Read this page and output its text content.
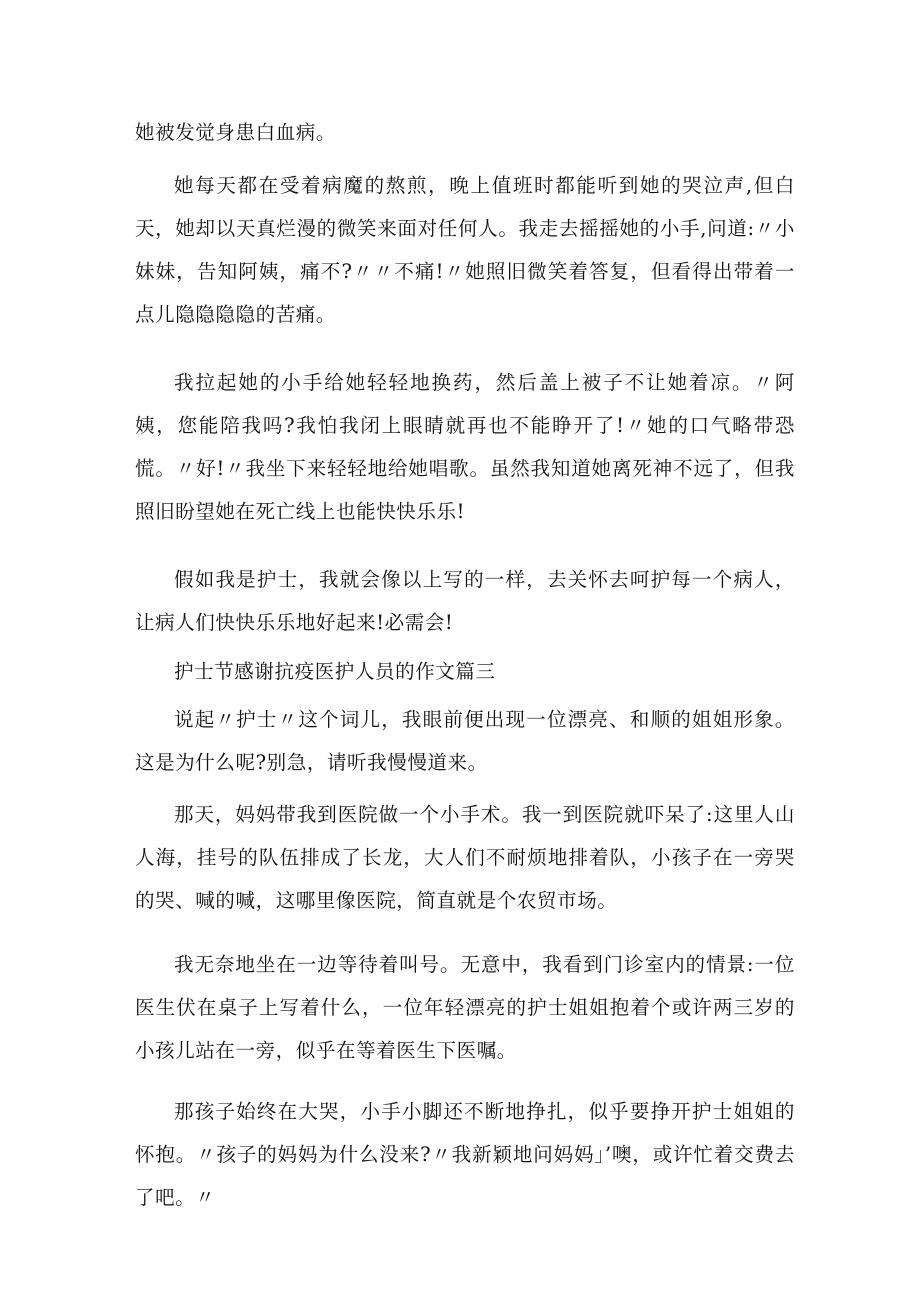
她被发觉身患白血病。

她每天都在受着病魔的熬煎，晚上值班时都能听到她的哭泣声,但白天，她却以天真烂漫的微笑来面对任何人。我走去摇摇她的小手,问道:〃小妹妹，告知阿姨，痛不?〃〃不痛!〃她照旧微笑着答复，但看得出带着一点儿隐隐隐隐的苦痛。

我拉起她的小手给她轻轻地换药，然后盖上被子不让她着凉。〃阿姨，您能陪我吗?我怕我闭上眼睛就再也不能睁开了!〃她的口气略带恐慌。〃好!〃我坐下来轻轻地给她唱歌。虽然我知道她离死神不远了，但我照旧盼望她在死亡线上也能快快乐乐!

假如我是护士，我就会像以上写的一样，去关怀去呵护每一个病人，让病人们快快乐乐地好起来!必需会!

护士节感谢抗疫医护人员的作文篇三

说起〃护士〃这个词儿，我眼前便出现一位漂亮、和顺的姐姐形象。这是为什么呢?别急，请听我慢慢道来。

那天，妈妈带我到医院做一个小手术。我一到医院就吓呆了:这里人山人海，挂号的队伍排成了长龙，大人们不耐烦地排着队，小孩子在一旁哭的哭、喊的喊，这哪里像医院，简直就是个农贸市场。

我无奈地坐在一边等待着叫号。无意中，我看到门诊室内的情景:一位医生伏在桌子上写着什么，一位年轻漂亮的护士姐姐抱着个或许两三岁的小孩儿站在一旁，似乎在等着医生下医嘱。

那孩子始终在大哭，小手小脚还不断地挣扎，似乎要挣开护士姐姐的怀抱。〃孩子的妈妈为什么没来?〃我新颖地问妈妈」’噢，或许忙着交费去了吧。〃
